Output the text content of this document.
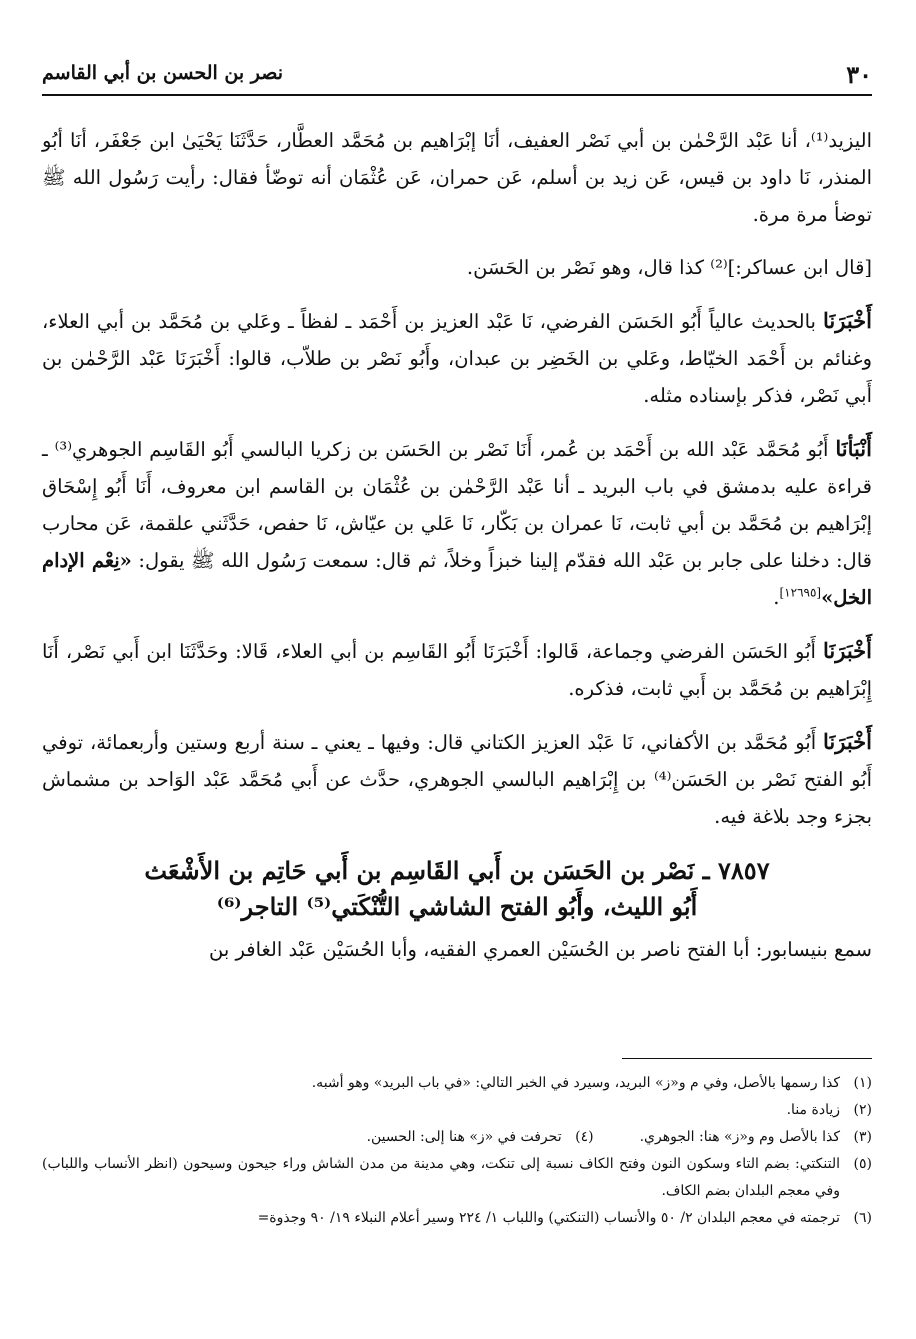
٣٠
نصر بن الحسن بن أبي القاسم

اليزيد⁽¹⁾، أنا عَبْد الرَّحْمٰن بن أبي نَصْر العفيف، أنَا إبْرَاهيم بن مُحَمَّد العطَّار، حَدَّثَنَا يَحْيَىٰ ابن جَعْفَر، أنَا أبُو المنذر، نَا داود بن قيس، عَن زيد بن أسلم، عَن حمران، عَن عُثْمَان أنه توضّأ فقال: رأيت رَسُول الله ﷺ توضأ مرة مرة.

[قال ابن عساكر:]⁽²⁾ كذا قال، وهو نَصْر بن الحَسَن.

أَخْبَرَنَا بالحديث عالياً أَبُو الحَسَن الفرضي، نَا عَبْد العزيز بن أَحْمَد ـ لفظاً ـ وعَلي بن مُحَمَّد بن أبي العلاء، وغنائم بن أَحْمَد الخيّاط، وعَلي بن الخَضِر بن عبدان، وأَبُو نَصْر بن طلاّب، قالوا: أَخْبَرَنَا عَبْد الرَّحْمٰن بن أَبي نَصْر، فذكر بإسناده مثله.

أَنْبَأنَا أَبُو مُحَمَّد عَبْد الله بن أَحْمَد بن عُمر، أَنَا نَصْر بن الحَسَن بن زكريا البالسي أَبُو القَاسِم الجوهري⁽³⁾ ـ قراءة عليه بدمشق في باب البريد ـ أنا عَبْد الرَّحْمٰن بن عُثْمَان بن القاسم ابن معروف، أَنَا أَبُو إِسْحَاق إبْرَاهيم بن مُحَمَّد بن أبي ثابت، نَا عمران بن بَكّار، نَا عَلي بن عيّاش، نَا حفص، حَدَّثَني علقمة، عَن محارب قال: دخلنا على جابر بن عَبْد الله فقدّم إلينا خبزاً وخلاً، ثم قال: سمعت رَسُول الله ﷺ يقول: «نِعْم الإدام الخل»[١٢٦٩٥].

أَخْبَرَنَا أَبُو الحَسَن الفرضي وجماعة، قَالوا: أَخْبَرَنَا أَبُو القَاسِم بن أبي العلاء، قَالا: وحَدَّثَنَا ابن أَبي نَصْر، أَنَا إِبْرَاهيم بن مُحَمَّد بن أَبي ثابت، فذكره.

أَخْبَرَنَا أَبُو مُحَمَّد بن الأكفاني، نَا عَبْد العزيز الكتاني قال: وفيها ـ يعني ـ سنة أربع وستين وأربعمائة، توفي أَبُو الفتح نَصْر بن الحَسَن⁽⁴⁾ بن إِبْرَاهيم البالسي الجوهري، حدَّث عن أَبي مُحَمَّد عَبْد الوَاحد بن مشماش بجزء وجد بلاغة فيه.

٧٨٥٧ ـ نَصْر بن الحَسَن بن أَبي القَاسِم بن أَبي حَاتِم بن الأَشْعَث
أَبُو الليث، وأَبُو الفتح الشاشي التُّنْكَتي⁽⁵⁾ التاجر⁽⁶⁾

سمع بنيسابور: أبا الفتح ناصر بن الحُسَيْن العمري الفقيه، وأبا الحُسَيْن عَبْد الغافر بن

(١)
كذا رسمها بالأصل، وفي م و«ز» البريد، وسيرد في الخبر التالي: «في باب البريد» وهو أشبه.
(٢)
زيادة منا.
(٣)
كذا بالأصل وم و«ز» هنا: الجوهري.
(٤)
تحرفت في «ز» هنا إلى: الحسين.
(٥)
التنكتي: بضم التاء وسكون النون وفتح الكاف نسبة إلى تنكت، وهي مدينة من مدن الشاش وراء جيحون وسيحون (انظر الأنساب واللباب) وفي معجم البلدان بضم الكاف.
(٦)
ترجمته في معجم البلدان ٢/ ٥٠ والأنساب (التنكتي) واللباب ١/ ٢٢٤ وسير أعلام النبلاء ١٩/ ٩٠ وجذوة=
